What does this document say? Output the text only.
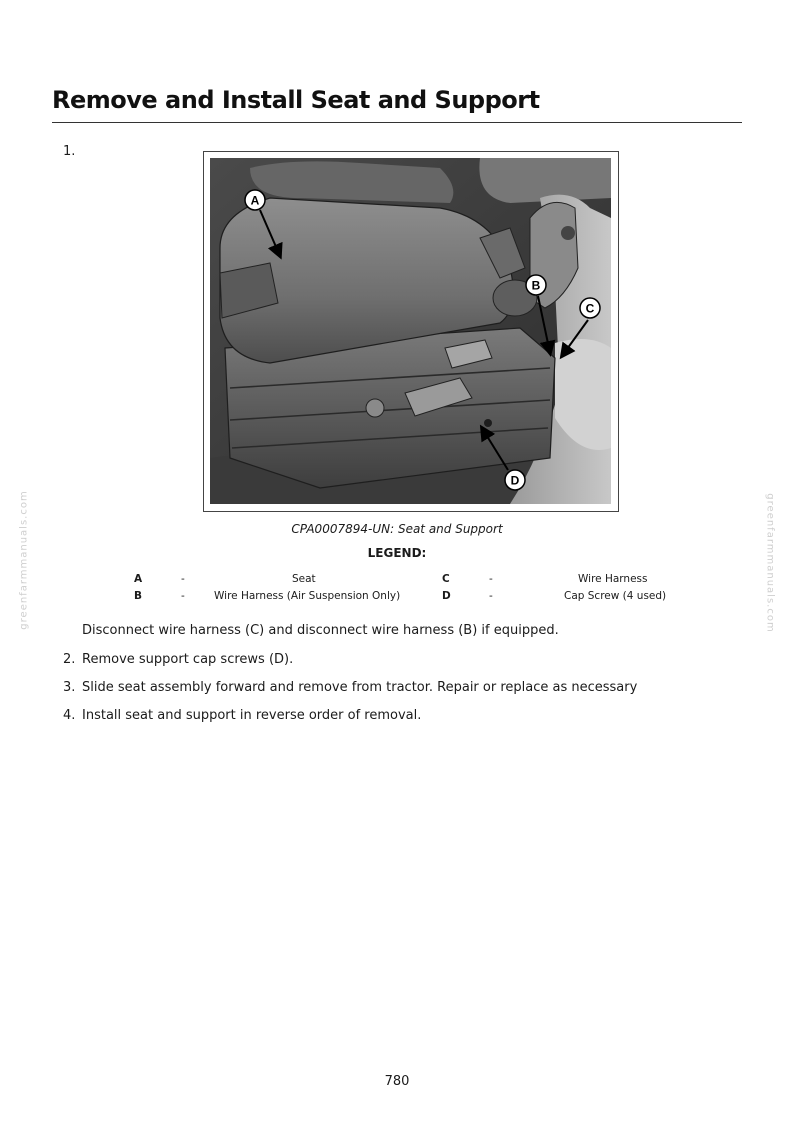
Remove and Install Seat and Support
1.
A
B
C
D
CPA0007894-UN: Seat and Support
LEGEND:
A	-	Seat	C	-	Wire Harness
B	-	Wire Harness (Air Suspension Only)	D	-	Cap Screw (4 used)
Disconnect wire harness (C) and disconnect wire harness (B) if equipped.
2. Remove support cap screws (D).
3. Slide seat assembly forward and remove from tractor. Repair or replace as necessary
4. Install seat and support in reverse order of removal.
780
greenfarmmanuals.com	greenfarmmanuals.com
